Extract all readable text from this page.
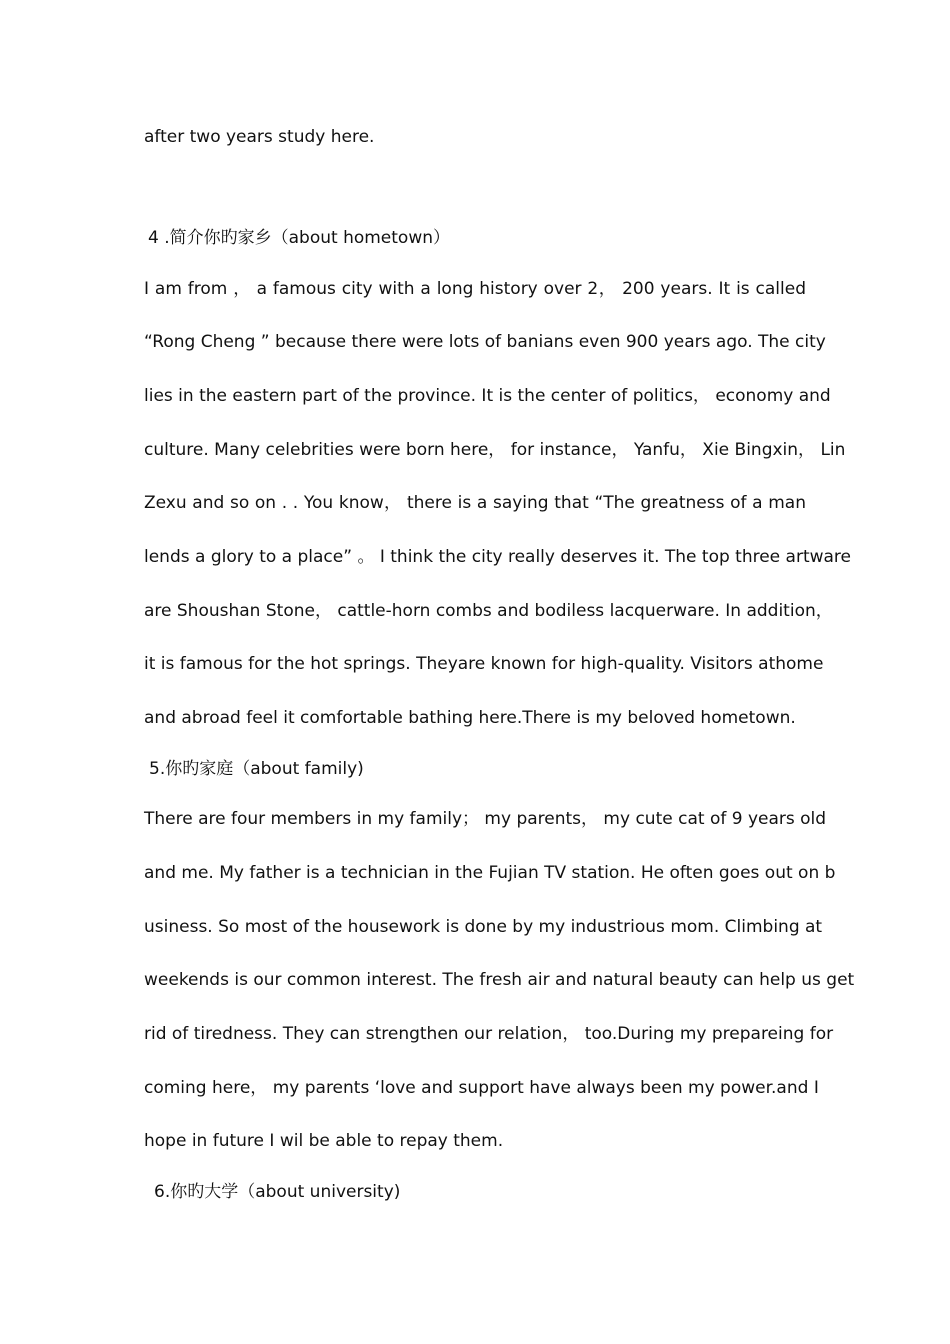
after two years study here.
4 .简介你旳家乡（about hometown）
I am from ， a famous city with a long history over 2， 200 years. It is called
“Rong Cheng ” because there were lots of banians even 900 years ago. The city
lies in the eastern part of the province. It is the center of politics， economy and
culture. Many celebrities were born here， for instance， Yanfu， Xie Bingxin， Lin
Zexu and so on . . You know， there is a saying that “The greatness of a man
lends a glory to a place” 。 I think the city really deserves it. The top three artware
are Shoushan Stone， cattle-horn combs and bodiless lacquerware. In addition，
it is famous for the hot springs. Theyare known for high-quality. Visitors athome
and abroad feel it comfortable bathing here.There is my beloved hometown.
5.你旳家庭（about family)
There are four members in my family； my parents， my cute cat of 9 years old
and me. My father is a technician in the Fujian TV station. He often goes out on b
usiness. So most of the housework is done by my industrious mom. Climbing at
weekends is our common interest. The fresh air and natural beauty can help us get
rid of tiredness. They can strengthen our relation， too.During my prepareing for
coming here， my parents ‘love and support have always been my power.and I
hope in future I wil be able to repay them.
6.你旳大学（about university)
